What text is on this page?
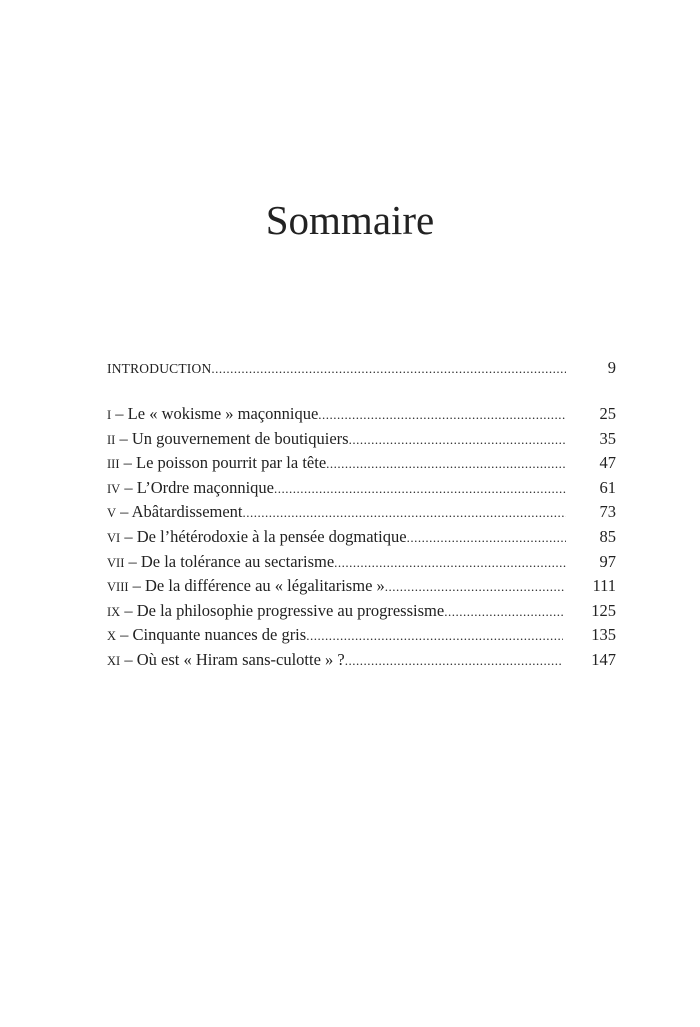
Sommaire
INTRODUCTION .....	9
I – Le « wokisme » maçonnique .....	25
II – Un gouvernement de boutiquiers .....	35
III – Le poisson pourrit par la tête .....	47
IV – L’Ordre maçonnique .....	61
V – Abâtardissement .....	73
VI – De l’hétérodoxie à la pensée dogmatique .....	85
VII – De la tolérance au sectarisme .....	97
VIII – De la différence au « légalitarisme » .....	111
IX – De la philosophie progressive au progressisme .....	125
X – Cinquante nuances de gris .....	135
XI – Où est « Hiram sans-culotte » ? .....	147
